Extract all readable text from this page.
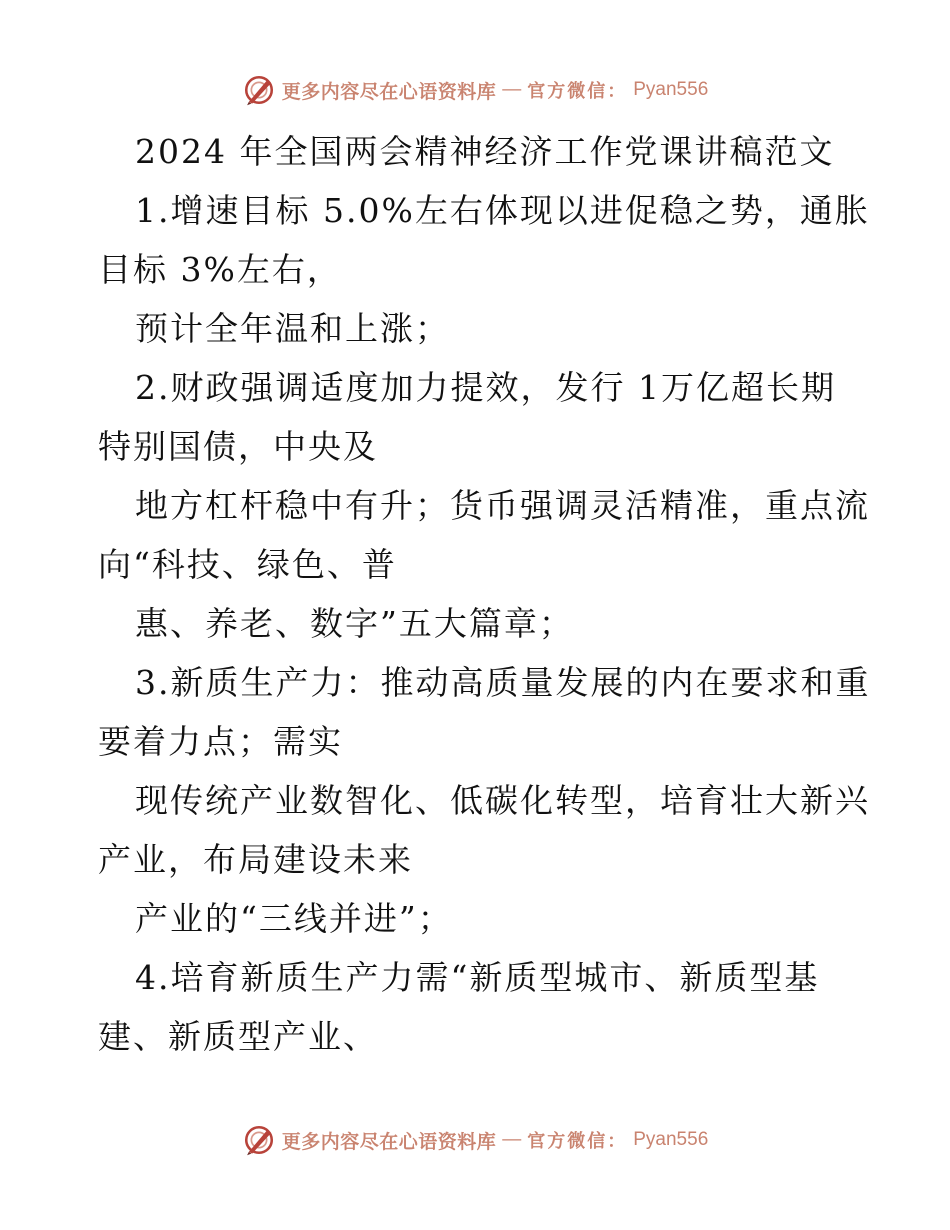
更多内容尽在心语资料库 — 官方微信： Pyan556
2024 年全国两会精神经济工作党课讲稿范文
1.增速目标 5.0%左右体现以进促稳之势，通胀
目标 3%左右，
预计全年温和上涨；
2.财政强调适度加力提效，发行 1万亿超长期
特别国债，中央及
地方杠杆稳中有升；货币强调灵活精准，重点流
向“科技、绿色、普
惠、养老、数字”五大篇章；
3.新质生产力：推动高质量发展的内在要求和重
要着力点；需实
现传统产业数智化、低碳化转型，培育壮大新兴
产业，布局建设未来
产业的“三线并进”；
4.培育新质生产力需“新质型城市、新质型基
建、新质型产业、
更多内容尽在心语资料库 — 官方微信： Pyan556
